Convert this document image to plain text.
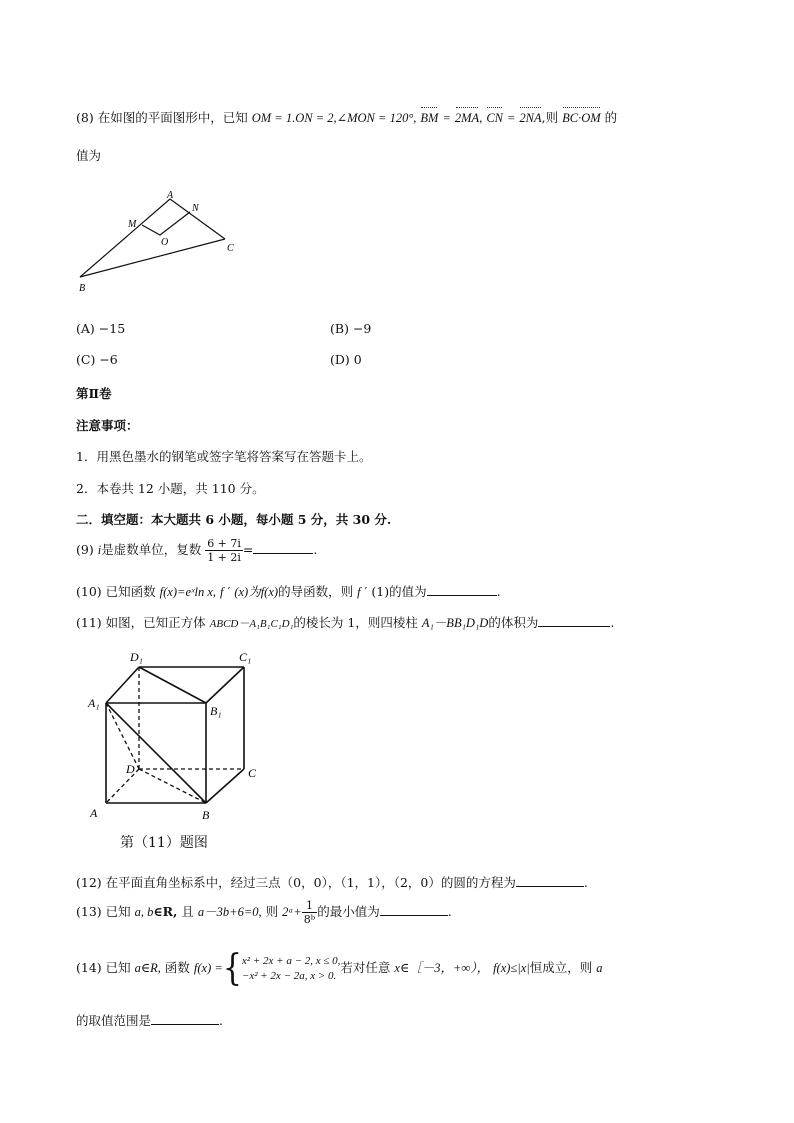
(8) 在如图的平面图形中，已知 OM = 1.ON = 2,∠MON = 120°, BM = 2MA, CN = 2NA,则 BC·OM 的
值为
A
N
M
O
C
B
(A) −15	(B) −9
(C) −6	(D) 0
第Ⅱ卷
注意事项：
1．用黑色墨水的钢笔或签字笔将答案写在答题卡上。
2．本卷共 12 小题，共 110 分。
二．填空题：本大题共 6 小题，每小题 5 分，共 30 分.
(9) i是虚数单位，复数 $\frac{6 + 7i}{1 + 2i}$ =	.
(10) 已知函数 f(x)=eˣln x, f ′ (x)为f(x)的导函数，则 f ′ (1)的值为	.
(11) 如图，已知正方体 ABCD－A₁B₁C₁D₁的棱长为 1，则四棱柱 A₁－BB₁D₁D的体积为	.
D₁	C₁
A₁
B₁
D	C
A	B
第（11）题图
(12) 在平面直角坐标系中，经过三点（0，0），（1，1），（2，0）的圆的方程为	.
(13) 已知 a, b∈R, 且 a－3b+6=0, 则 2ᵃ+ $\frac{1}{\text{8ᵇ}}$ 的最小值为	.
(14) 已知 a∈R, 函数 f(x) ={ x² + 2x + a − 2, x ≤ 0,
−x² + 2x − 2a, x > 0.
若对任意 x∈［－3，+∞）， f(x)≤|x|恒成立，则 a
的取值范围是	.
